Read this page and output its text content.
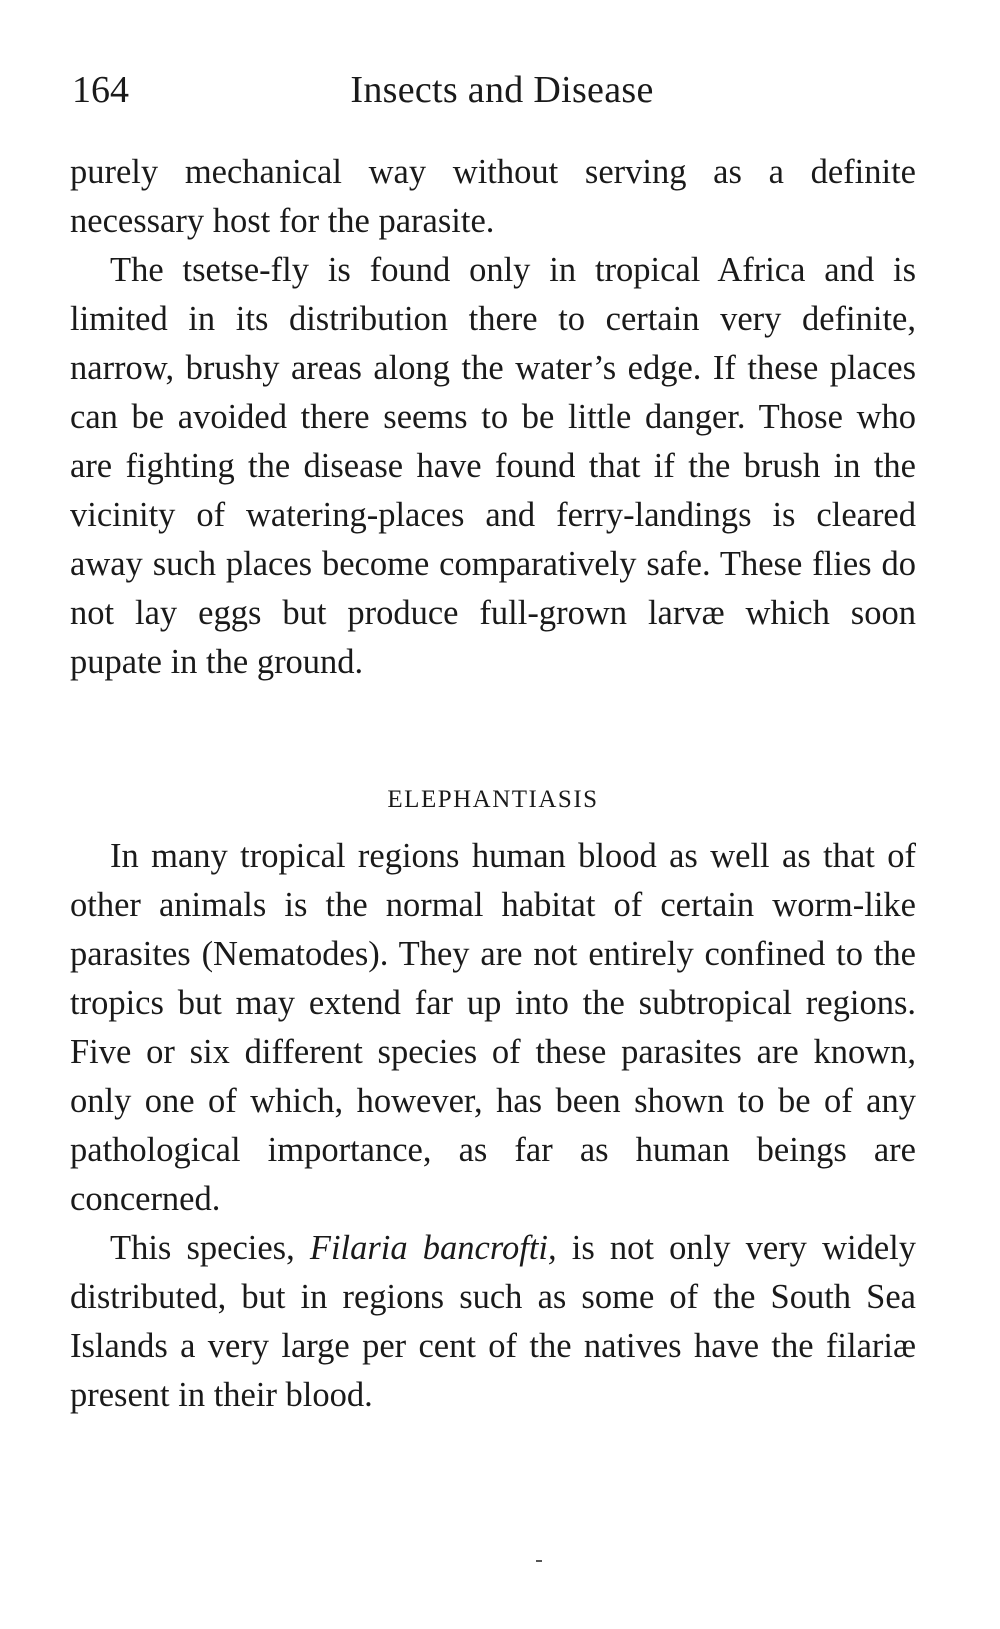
164	Insects and Disease

purely mechanical way without serving as a definite necessary host for the parasite.

The tsetse-fly is found only in tropical Africa and is limited in its distribution there to certain very definite, narrow, brushy areas along the water’s edge. If these places can be avoided there seems to be little danger. Those who are fighting the disease have found that if the brush in the vicinity of watering-places and ferry-landings is cleared away such places become comparatively safe. These flies do not lay eggs but produce full-grown larvæ which soon pupate in the ground.

ELEPHANTIASIS

In many tropical regions human blood as well as that of other animals is the normal habitat of certain worm-like parasites (Nematodes). They are not entirely confined to the tropics but may extend far up into the subtropical regions. Five or six different species of these parasites are known, only one of which, however, has been shown to be of any pathological importance, as far as human beings are concerned.

This species, Filaria bancrofti, is not only very widely distributed, but in regions such as some of the South Sea Islands a very large per cent of the natives have the filariæ present in their blood.
